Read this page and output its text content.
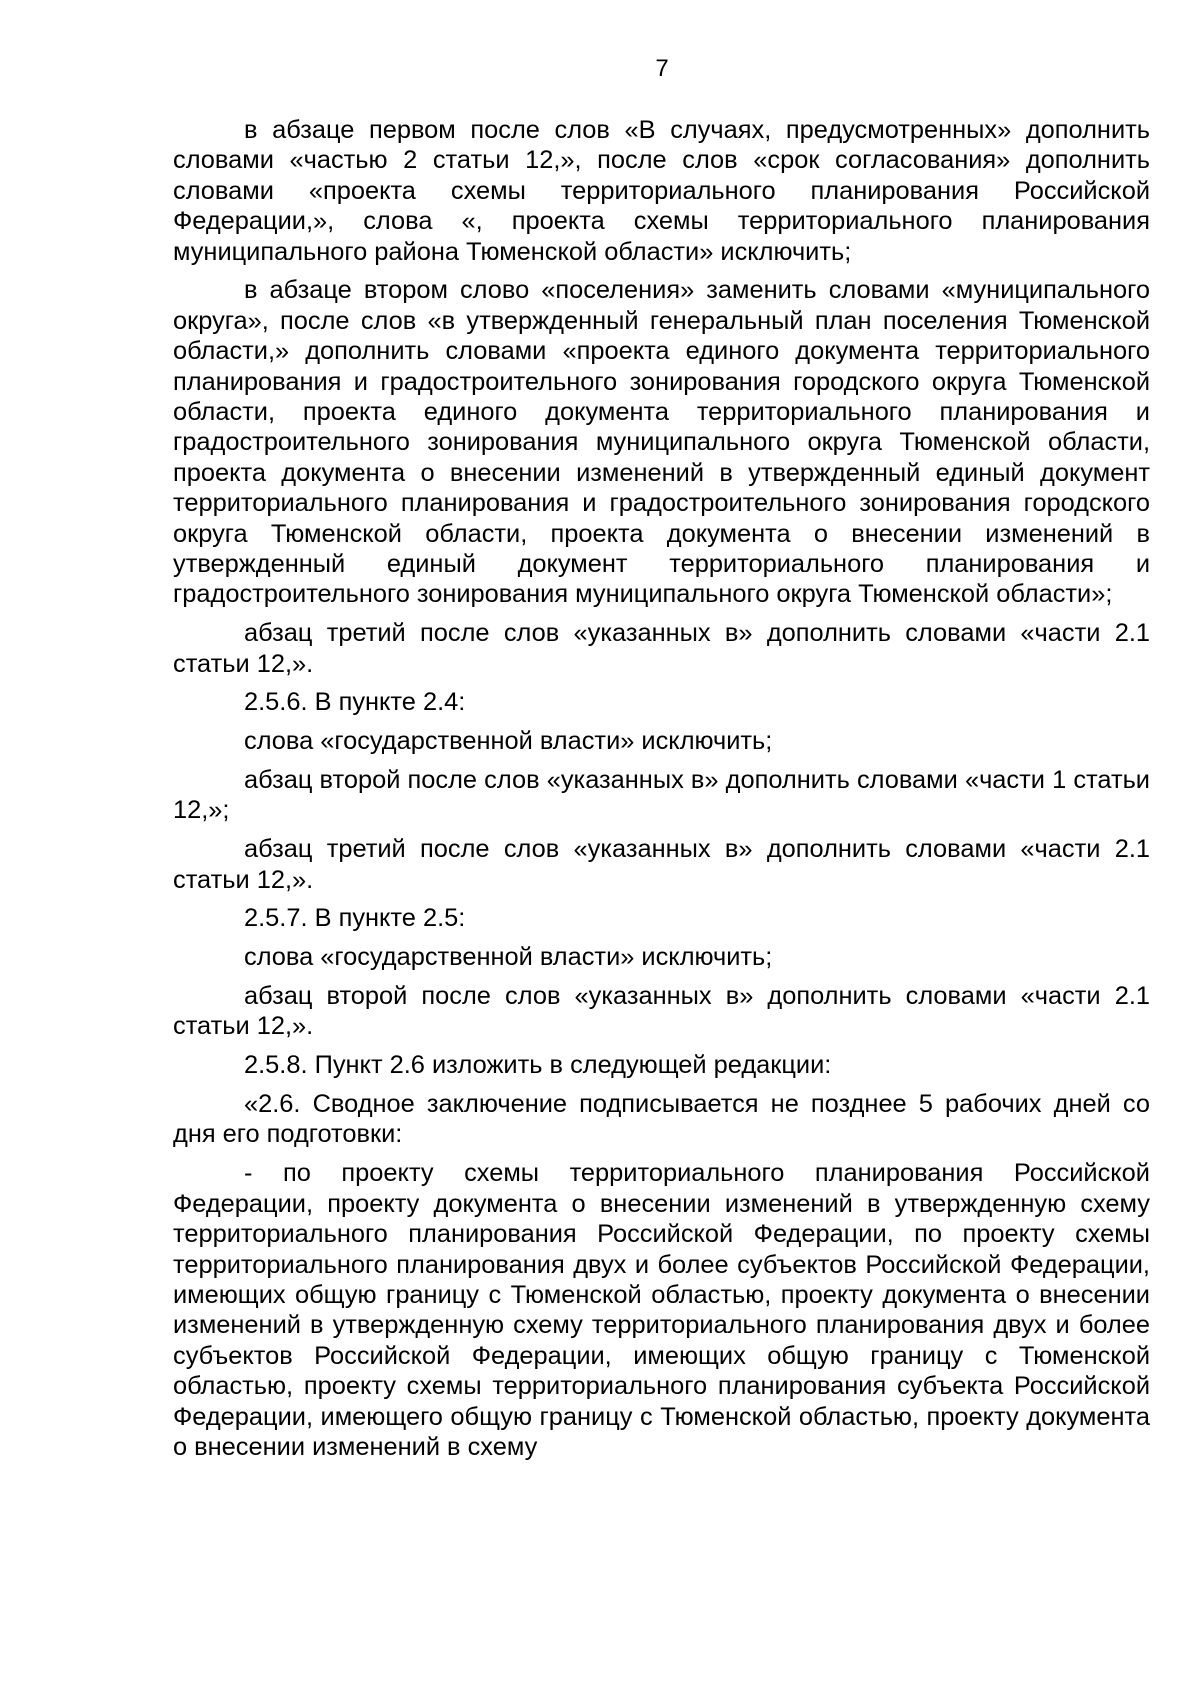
7

в абзаце первом после слов «В случаях, предусмотренных» дополнить словами «частью 2 статьи 12,», после слов «срок согласования» дополнить словами «проекта схемы территориального планирования Российской Федерации,», слова «, проекта схемы территориального планирования муниципального района Тюменской области» исключить;

в абзаце втором слово «поселения» заменить словами «муниципального округа», после слов «в утвержденный генеральный план поселения Тюменской области,» дополнить словами «проекта единого документа территориального планирования и градостроительного зонирования городского округа Тюменской области, проекта единого документа территориального планирования и градостроительного зонирования муниципального округа Тюменской области, проекта документа о внесении изменений в утвержденный единый документ территориального планирования и градостроительного зонирования городского округа Тюменской области, проекта документа о внесении изменений в утвержденный единый документ территориального планирования и градостроительного зонирования муниципального округа Тюменской области»;

абзац третий после слов «указанных в» дополнить словами «части 2.1 статьи 12,».

2.5.6. В пункте 2.4:

слова «государственной власти» исключить;

абзац второй после слов «указанных в» дополнить словами «части 1 статьи 12,»;

абзац третий после слов «указанных в» дополнить словами «части 2.1 статьи 12,».

2.5.7. В пункте 2.5:

слова «государственной власти» исключить;

абзац второй после слов «указанных в» дополнить словами «части 2.1 статьи 12,».

2.5.8. Пункт 2.6 изложить в следующей редакции:

«2.6. Сводное заключение подписывается не позднее 5 рабочих дней со дня его подготовки:

- по проекту схемы территориального планирования Российской Федерации, проекту документа о внесении изменений в утвержденную схему территориального планирования Российской Федерации, по проекту схемы территориального планирования двух и более субъектов Российской Федерации, имеющих общую границу с Тюменской областью, проекту документа о внесении изменений в утвержденную схему территориального планирования двух и более субъектов Российской Федерации, имеющих общую границу с Тюменской областью, проекту схемы территориального планирования субъекта Российской Федерации, имеющего общую границу с Тюменской областью, проекту документа о внесении изменений в схему
